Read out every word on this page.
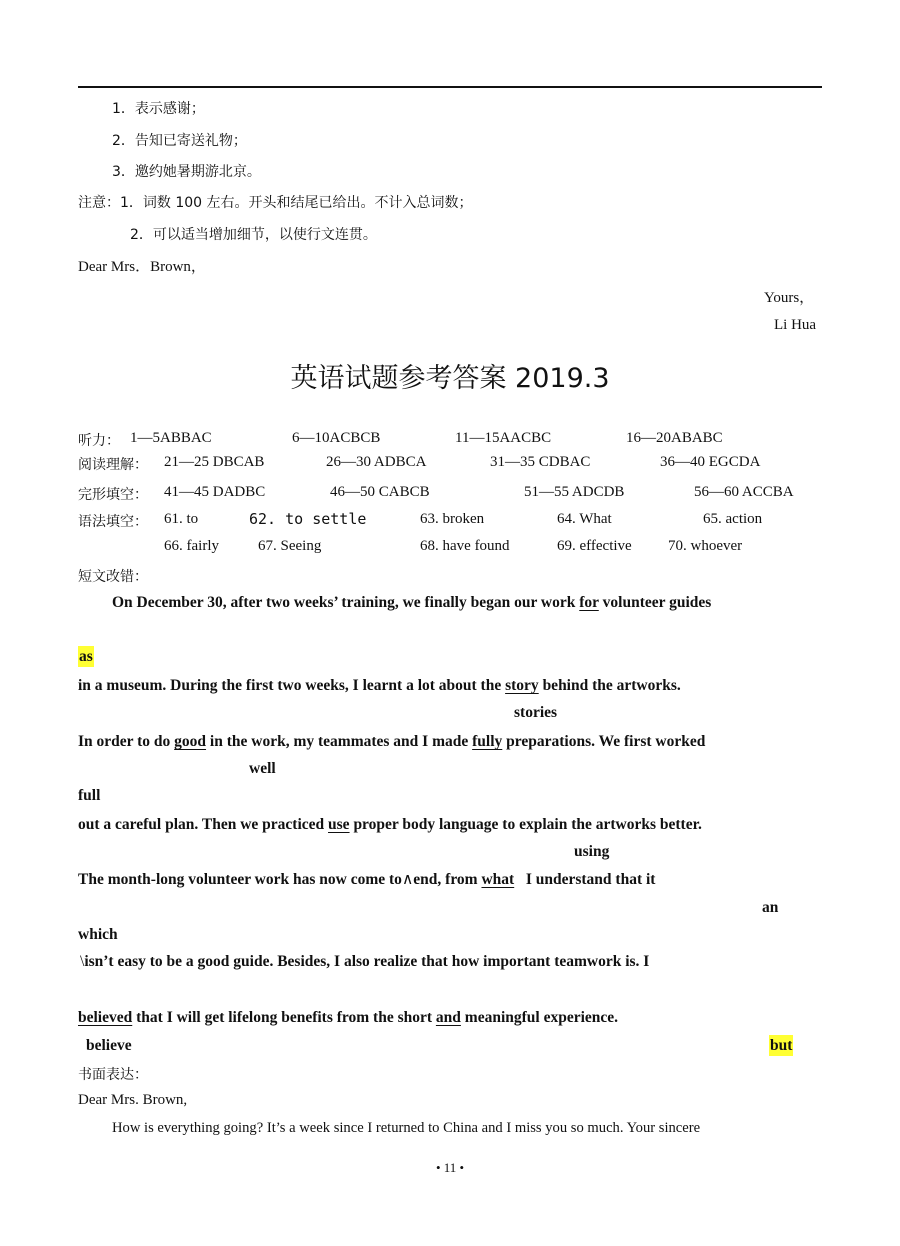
1．表示感谢；
2．告知已寄送礼物；
3．邀约她暑期游北京。
注意：1．词数 100 左右。开头和结尾已给出。不计入总词数；
2．可以适当增加细节，以使行文连贯。
Dear Mrs．Brown，
Yours，
Li Hua
英语试题参考答案 2019.3
听力： 1—5ABBAC	6—10ACBCB	11—15AACBC	16—20ABABC
阅读理解： 21—25 DBCAB	26—30 ADBCA	31—35 CDBAC	36—40 EGCDA
完形填空： 41—45 DADBC	46—50 CABCB	51—55 ADCDB	56—60 ACCBA
语法填空： 61. to	62. to settle	63. broken	64. What	65. action
66. fairly	67. Seeing	68. have found	69. effective 70. whoever
短文改错：
On December 30, after two weeks’ training, we finally began our work for volunteer guides
as
in a museum. During the first two weeks, I learnt a lot about the story behind the artworks.
stories
In order to do good in the work, my teammates and I made fully preparations. We first worked
well
full
out a careful plan. Then we practiced use proper body language to explain the artworks better.
using
The month-long volunteer work has now come to∧end, from what   I understand that it
an
which
\isn’t easy to be a good guide. Besides, I also realize that how important teamwork is. I
believed that I will get lifelong benefits from the short and meaningful experience.
believe	but
书面表达：
Dear Mrs. Brown,
How is everything going? It’s a week since I returned to China and I miss you so much. Your sincere
• 11 •
